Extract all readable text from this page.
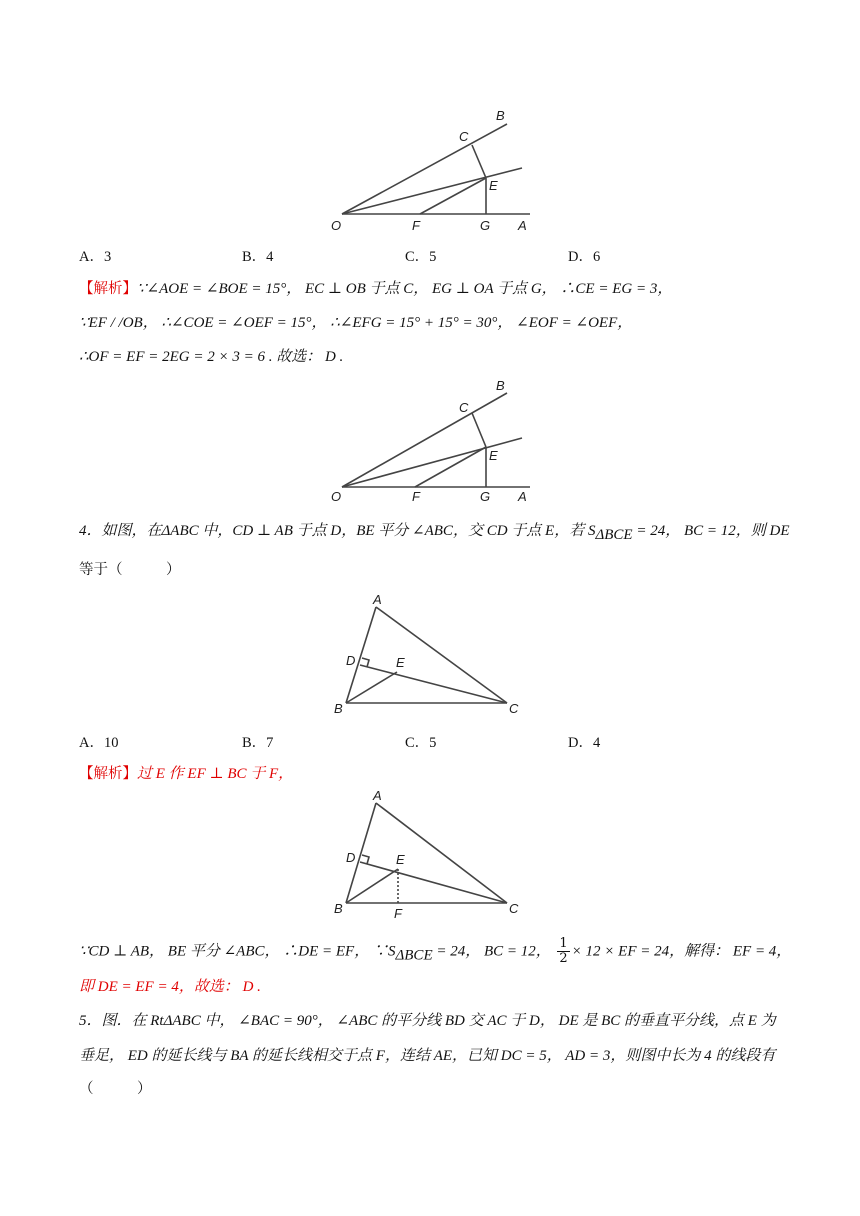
B
C
E
O	F	G A
A．3	B．4	C．5	D．6
【解析】∵∠AOE = ∠BOE = 15°， EC ⊥ OB 于点 C， EG ⊥ OA 于点 G， ∴CE = EG = 3，
∵EF / /OB， ∴∠COE = ∠OEF = 15°， ∴∠EFG = 15° + 15° = 30°， ∠EOF = ∠OEF，
∴OF = EF = 2EG = 2 × 3 = 6 . 故选： D .
B
C
E
O	F	G A
4．如图，在ΔABC 中，CD ⊥ AB 于点 D，BE 平分 ∠ABC，交 CD 于点 E，若 $S_{\Delta BCE} = 24$， BC = 12，则 DE
等于（　　　）
A
D	E
B	C
A．10	B．7	C．5	D．4
【解析】过 E 作 EF ⊥ BC 于 F，
A
D	E
B	F	C
∵CD ⊥ AB， BE 平分 ∠ABC， ∴DE = EF， $\because S_{\Delta BCE} = 24$， BC = 12， $\frac{1}{2} \times 12$ × EF = 24，解得： EF = 4，
即 DE = EF = 4，故选： D .
5．图．在 RtΔABC 中， ∠BAC = 90°， ∠ABC 的平分线 BD 交 AC 于 D， DE 是 BC 的垂直平分线，点 E 为
垂足， ED 的延长线与 BA 的延长线相交于点 F，连结 AE，已知 DC = 5， AD = 3，则图中长为 4 的线段有
（　　　）
